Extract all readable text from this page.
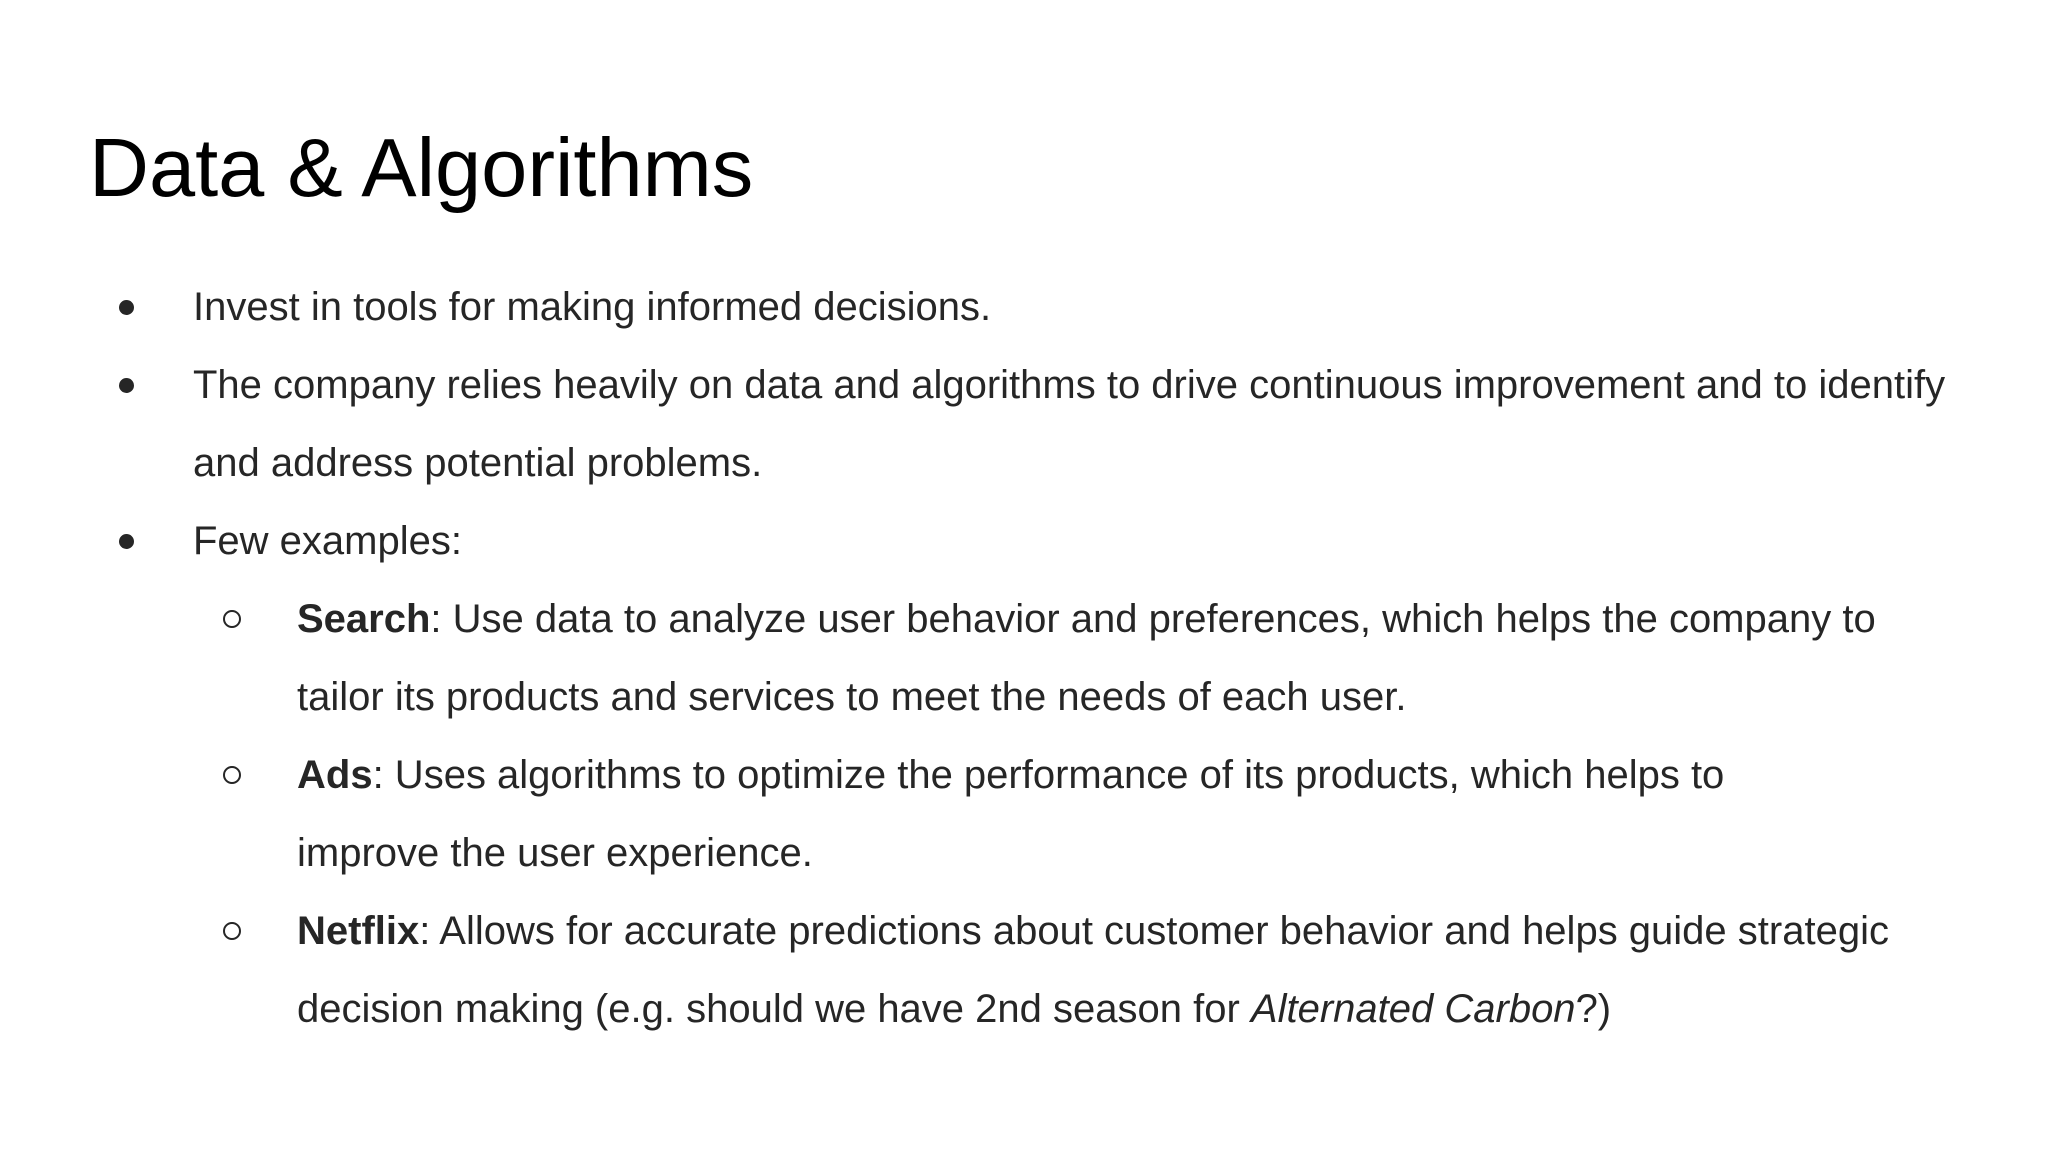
Data & Algorithms
Invest in tools for making informed decisions.
The company relies heavily on data and algorithms to drive continuous improvement and to identify and address potential problems.
Few examples:
Search: Use data to analyze user behavior and preferences, which helps the company to tailor its products and services to meet the needs of each user.
Ads: Uses algorithms to optimize the performance of its products, which helps to improve the user experience.
Netflix: Allows for accurate predictions about customer behavior and helps guide strategic decision making (e.g. should we have 2nd season for Alternated Carbon?)
